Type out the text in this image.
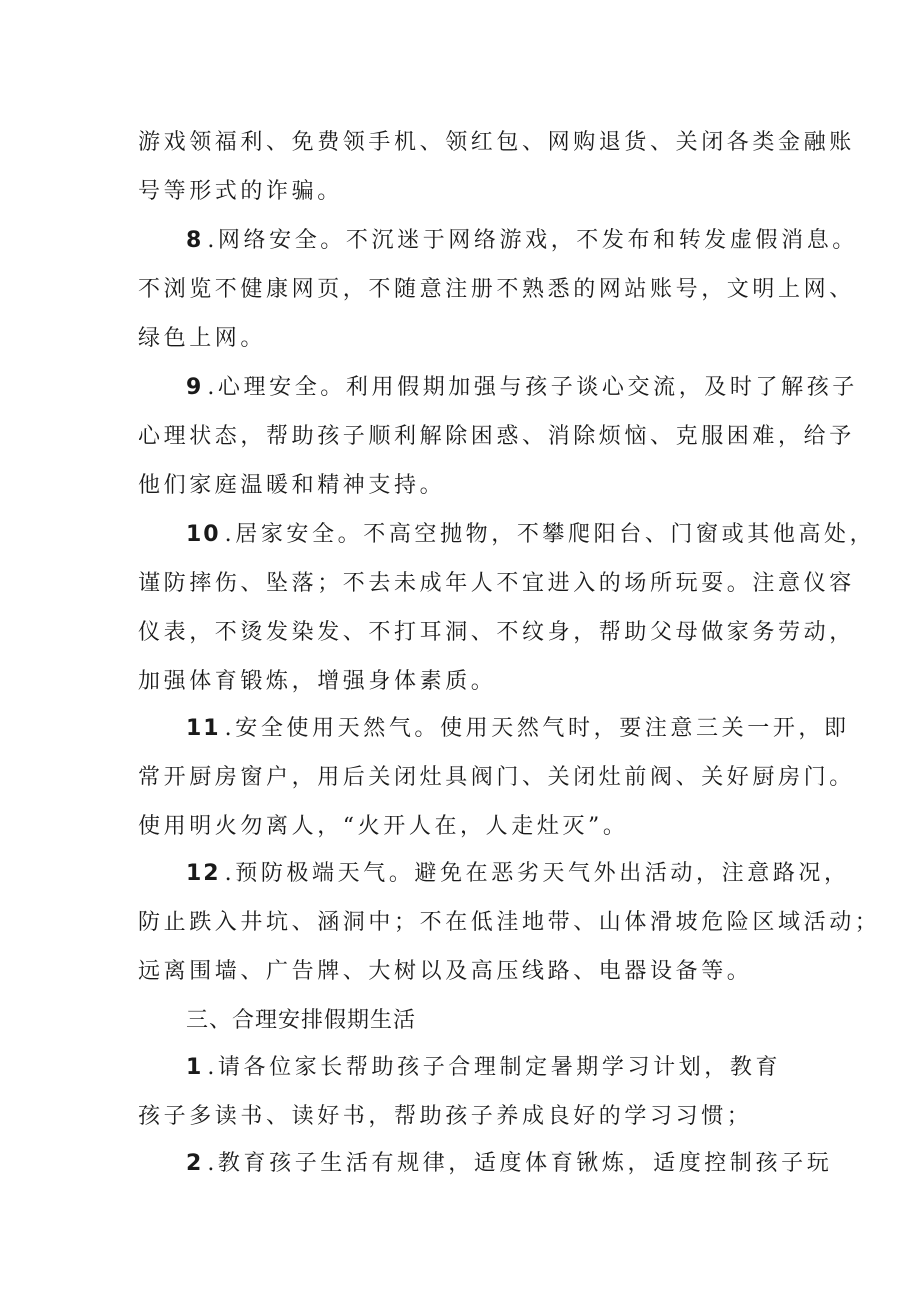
游戏领福利、免费领手机、领红包、网购退货、关闭各类金融账
号等形式的诈骗。
8 .网络安全。不沉迷于网络游戏，不发布和转发虚假消息。
不浏览不健康网页，不随意注册不熟悉的网站账号，文明上网、
绿色上网。
9 .心理安全。利用假期加强与孩子谈心交流，及时了解孩子
心理状态，帮助孩子顺利解除困惑、消除烦恼、克服困难，给予
他们家庭温暖和精神支持。
10 .居家安全。不高空抛物，不攀爬阳台、门窗或其他高处，
谨防摔伤、坠落；不去未成年人不宜进入的场所玩耍。注意仪容
仪表，不烫发染发、不打耳洞、不纹身，帮助父母做家务劳动，
加强体育锻炼，增强身体素质。
11 .安全使用天然气。使用天然气时，要注意三关一开，即
常开厨房窗户，用后关闭灶具阀门、关闭灶前阀、关好厨房门。
使用明火勿离人，“火开人在，人走灶灭”。
12 .预防极端天气。避免在恶劣天气外出活动，注意路况，
防止跌入井坑、涵洞中；不在低洼地带、山体滑坡危险区域活动；
远离围墙、广告牌、大树以及高压线路、电器设备等。
三、合理安排假期生活
1 .请各位家长帮助孩子合理制定暑期学习计划，教育
孩子多读书、读好书，帮助孩子养成良好的学习习惯；
2 .教育孩子生活有规律，适度体育锹炼，适度控制孩子玩
